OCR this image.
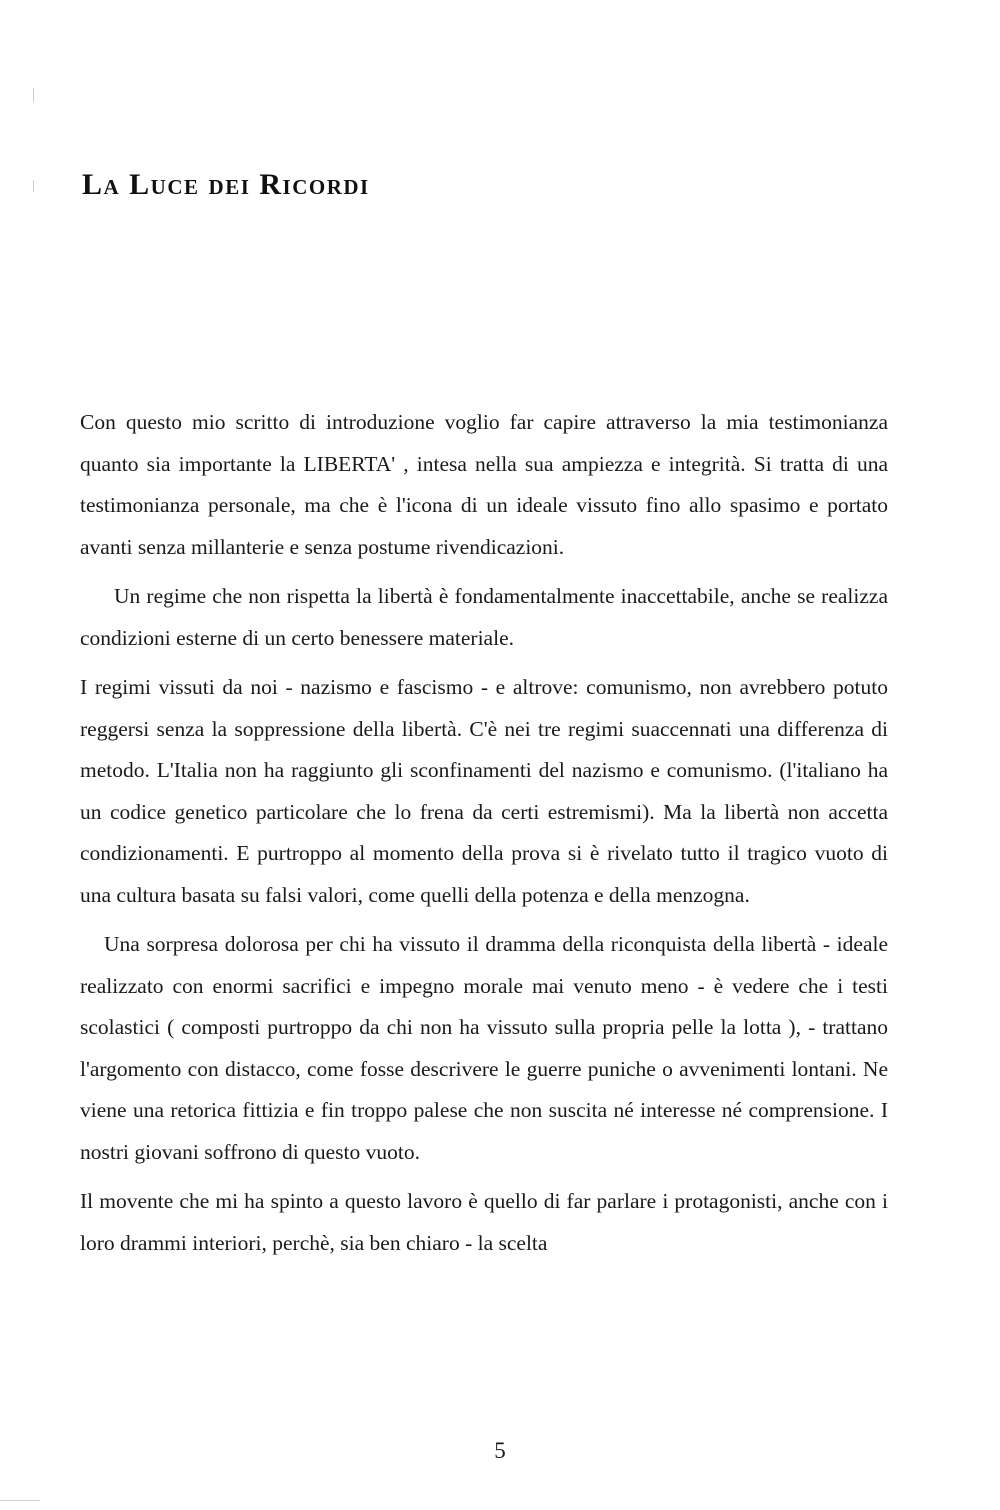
La Luce dei Ricordi

Con questo mio scritto di introduzione voglio far capire attraverso la mia testimonianza quanto sia importante la LIBERTA' , intesa nella sua ampiezza e integrità. Si tratta di una testimonianza personale, ma che è l'icona di un ideale vissuto fino allo spasimo e portato avanti senza millanterie e senza postume rivendicazioni.

Un regime che non rispetta la libertà è fondamentalmente inaccettabile, anche se realizza condizioni esterne di un certo benessere materiale.

I regimi vissuti da noi - nazismo e fascismo - e altrove: comunismo, non avrebbero potuto reggersi senza la soppressione della libertà. C'è nei tre regimi suaccennati una differenza di metodo. L'Italia non ha raggiunto gli sconfinamenti del nazismo e comunismo. (l'italiano ha un codice genetico particolare che lo frena da certi estremismi). Ma la libertà non accetta condizionamenti. E purtroppo al momento della prova si è rivelato tutto il tragico vuoto di una cultura basata su falsi valori, come quelli della potenza e della menzogna.

Una sorpresa dolorosa per chi ha vissuto il dramma della riconquista della libertà - ideale realizzato con enormi sacrifici e impegno morale mai venuto meno - è vedere che i testi scolastici ( composti purtroppo da chi non ha vissuto sulla propria pelle la lotta ), - trattano l'argomento con distacco, come fosse descrivere le guerre puniche o avvenimenti lontani. Ne viene una retorica fittizia e fin troppo palese che non suscita né interesse né comprensione. I nostri giovani soffrono di questo vuoto.

Il movente che mi ha spinto a questo lavoro è quello di far parlare i protagonisti, anche con i loro drammi interiori, perchè, sia ben chiaro - la scelta

5
